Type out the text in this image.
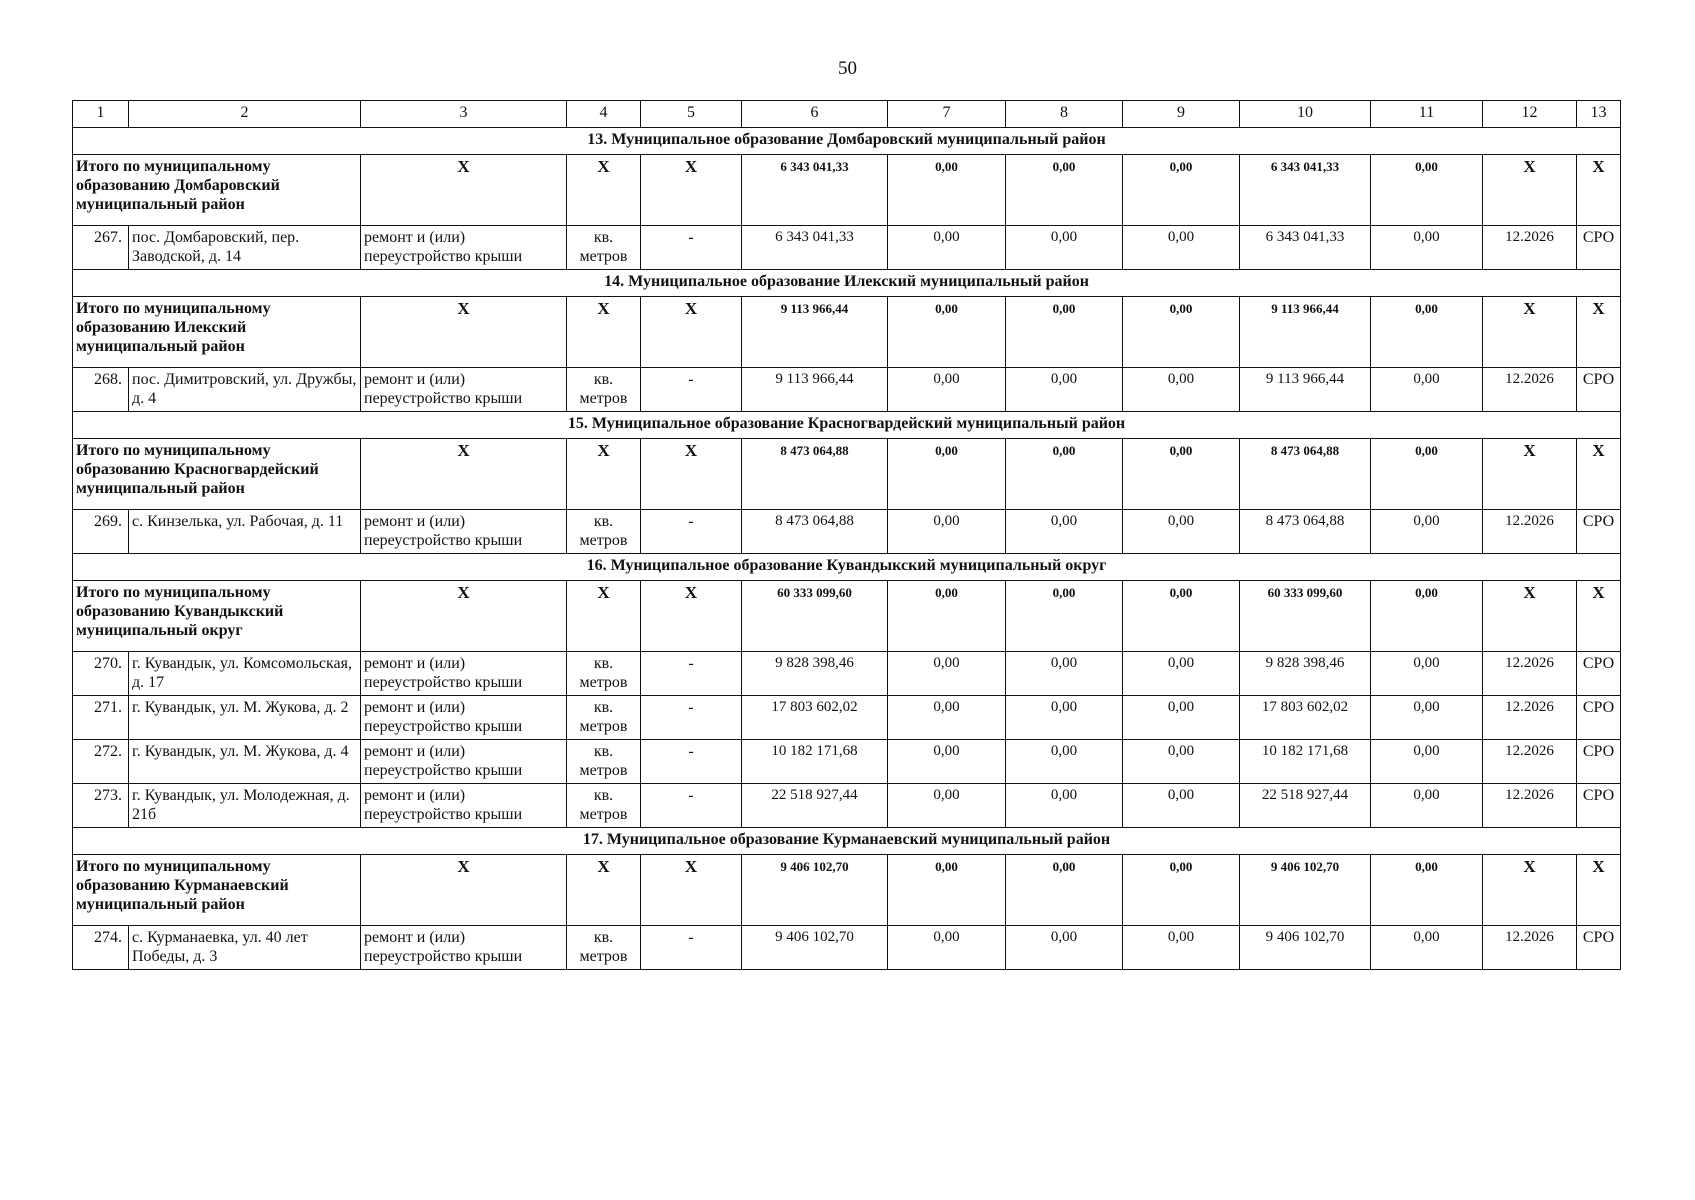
50
1	2	3	4	5	6	7	8	9	10	11	12	13
13. Муниципальное образование Домбаровский муниципальный район												
Итого по муниципальному образованию Домбаровский муниципальный район		X	X	X	6 343 041,33	0,00	0,00	0,00	6 343 041,33	0,00	X	X
267.	пос. Домбаровский, пер. Заводской, д. 14	ремонт и (или) переустройство крыши	кв. метров	-	6 343 041,33	0,00	0,00	0,00	6 343 041,33	0,00	12.2026	СРО
14. Муниципальное образование Илекский муниципальный район												
Итого по муниципальному образованию Илекский муниципальный район		X	X	X	9 113 966,44	0,00	0,00	0,00	9 113 966,44	0,00	X	X
268.	пос. Димитровский, ул. Дружбы, д. 4	ремонт и (или) переустройство крыши	кв. метров	-	9 113 966,44	0,00	0,00	0,00	9 113 966,44	0,00	12.2026	СРО
15. Муниципальное образование Красногвардейский муниципальный район												
Итого по муниципальному образованию Красногвардейский муниципальный район		X	X	X	8 473 064,88	0,00	0,00	0,00	8 473 064,88	0,00	X	X
269.	с. Кинзелька, ул. Рабочая, д. 11	ремонт и (или) переустройство крыши	кв. метров	-	8 473 064,88	0,00	0,00	0,00	8 473 064,88	0,00	12.2026	СРО
16. Муниципальное образование Кувандыкский муниципальный округ												
Итого по муниципальному образованию Кувандыкский муниципальный округ		X	X	X	60 333 099,60	0,00	0,00	0,00	60 333 099,60	0,00	X	X
270.	г. Кувандык, ул. Комсомольская, д. 17	ремонт и (или) переустройство крыши	кв. метров	-	9 828 398,46	0,00	0,00	0,00	9 828 398,46	0,00	12.2026	СРО
271.	г. Кувандык, ул. М. Жукова, д. 2	ремонт и (или) переустройство крыши	кв. метров	-	17 803 602,02	0,00	0,00	0,00	17 803 602,02	0,00	12.2026	СРО
272.	г. Кувандык, ул. М. Жукова, д. 4	ремонт и (или) переустройство крыши	кв. метров	-	10 182 171,68	0,00	0,00	0,00	10 182 171,68	0,00	12.2026	СРО
273.	г. Кувандык, ул. Молодежная, д. 21б	ремонт и (или) переустройство крыши	кв. метров	-	22 518 927,44	0,00	0,00	0,00	22 518 927,44	0,00	12.2026	СРО
17. Муниципальное образование Курманаевский муниципальный район												
Итого по муниципальному образованию Курманаевский муниципальный район		X	X	X	9 406 102,70	0,00	0,00	0,00	9 406 102,70	0,00	X	X
274.	с. Курманаевка, ул. 40 лет Победы, д. 3	ремонт и (или) переустройство крыши	кв. метров	-	9 406 102,70	0,00	0,00	0,00	9 406 102,70	0,00	12.2026	СРО
